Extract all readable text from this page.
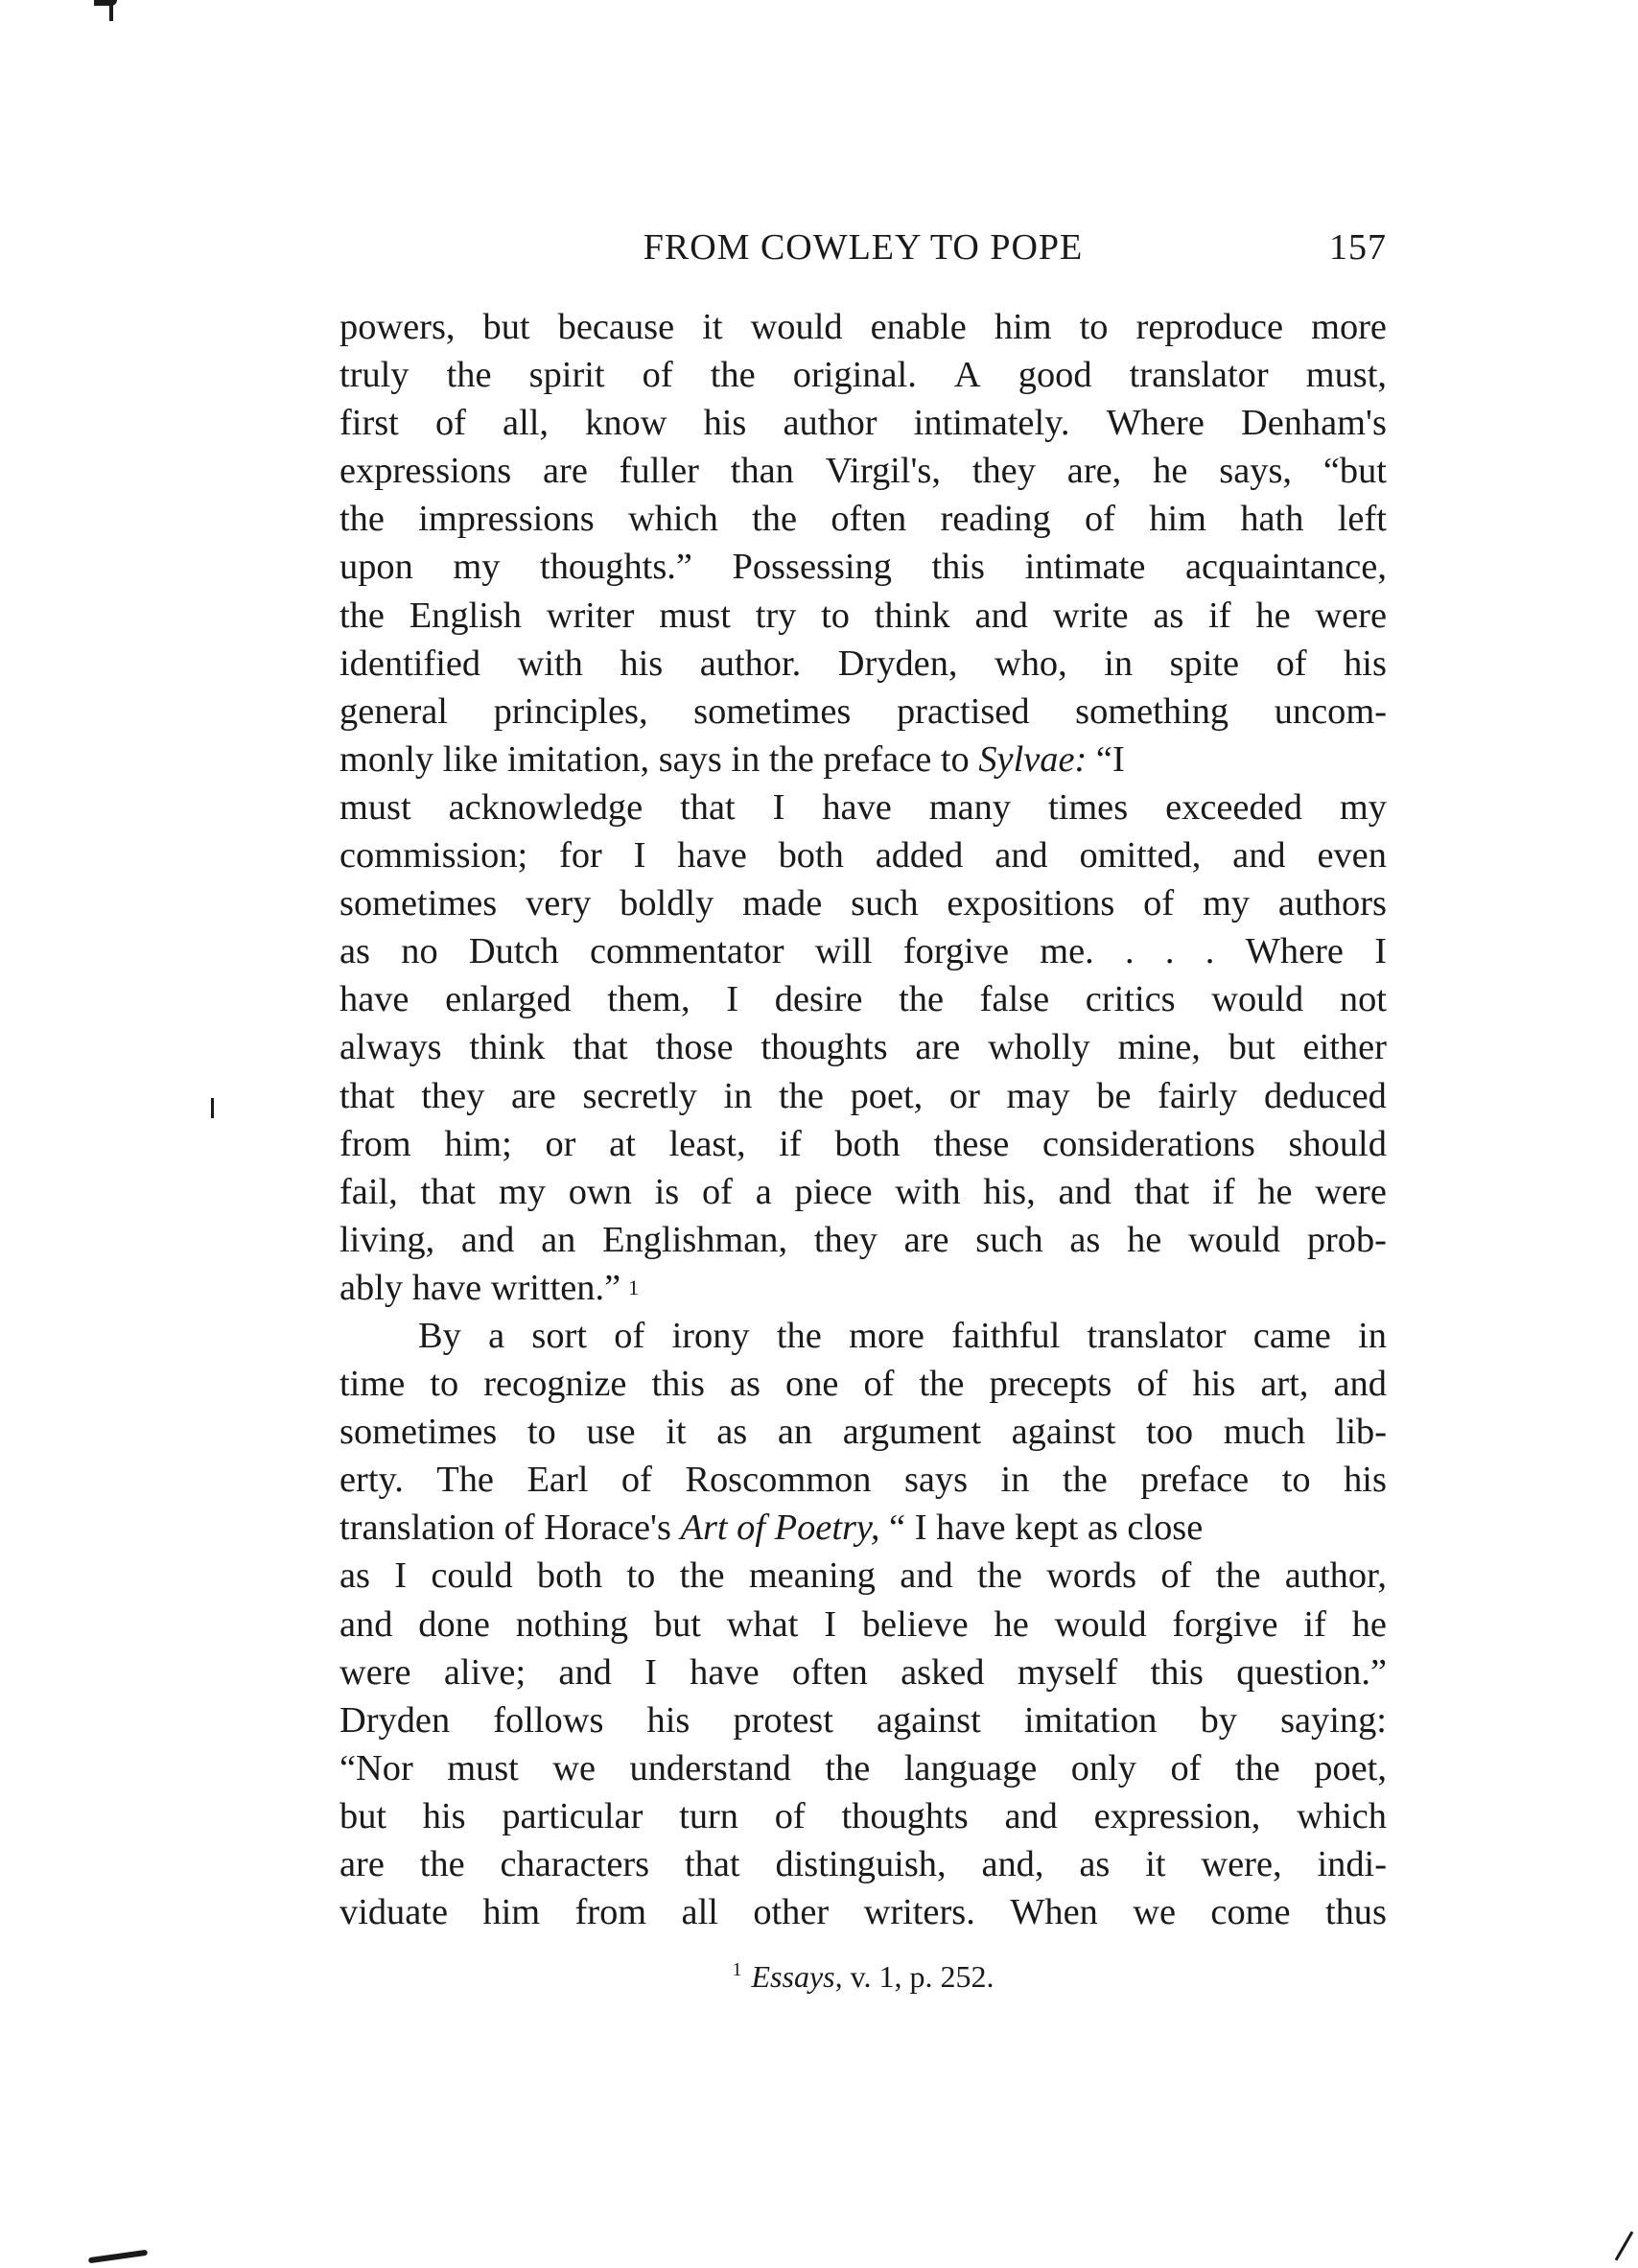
FROM COWLEY TO POPE	157
powers, but because it would enable him to reproduce more
truly the spirit of the original. A good translator must,
first of all, know his author intimately. Where Denham's
expressions are fuller than Virgil's, they are, he says, “but
the impressions which the often reading of him hath left
upon my thoughts.” Possessing this intimate acquaintance,
the English writer must try to think and write as if he were
identified with his author. Dryden, who, in spite of his
general principles, sometimes practised something uncom-
monly like imitation, says in the preface to Sylvae: “I
must acknowledge that I have many times exceeded my
commission; for I have both added and omitted, and even
sometimes very boldly made such expositions of my authors
as no Dutch commentator will forgive me. . . . Where I
have enlarged them, I desire the false critics would not
always think that those thoughts are wholly mine, but either
that they are secretly in the poet, or may be fairly deduced
from him; or at least, if both these considerations should
fail, that my own is of a piece with his, and that if he were
living, and an Englishman, they are such as he would prob-
ably have written.” 1
By a sort of irony the more faithful translator came in
time to recognize this as one of the precepts of his art, and
sometimes to use it as an argument against too much lib-
erty. The Earl of Roscommon says in the preface to his
translation of Horace's Art of Poetry, “ I have kept as close
as I could both to the meaning and the words of the author,
and done nothing but what I believe he would forgive if he
were alive; and I have often asked myself this question.”
Dryden follows his protest against imitation by saying:
“Nor must we understand the language only of the poet,
but his particular turn of thoughts and expression, which
are the characters that distinguish, and, as it were, indi-
viduate him from all other writers. When we come thus
$^1$ Essays, v. 1, p. 252.
